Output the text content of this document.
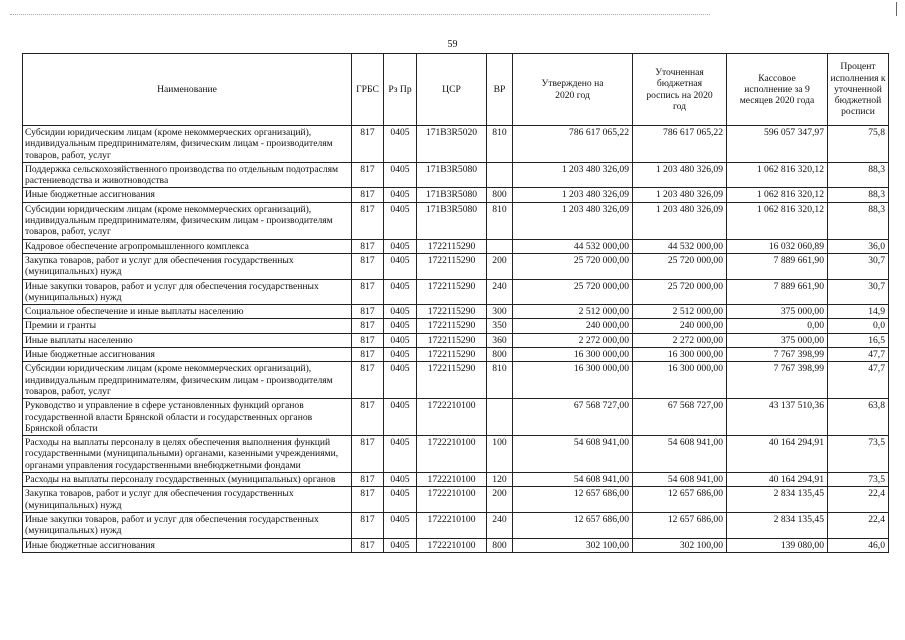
59
Наименование	ГРБС	Рз Пр	ЦСР	ВР	Утверждено на 2020 год	Уточненная бюджетная роспись на 2020 год	Кассовое исполнение за 9 месяцев 2020 года	Процент исполнения к уточненной бюджетной росписи
Субсидии юридическим лицам (кроме некоммерческих организаций), индивидуальным предпринимателям, физическим лицам - производителям товаров, работ, услуг	817	0405	171В3R5020	810	786 617 065,22	786 617 065,22	596 057 347,97	75,8
Поддержка сельскохозяйственного производства по отдельным подотраслям растениеводства и животноводства	817	0405	171В3R5080		1 203 480 326,09	1 203 480 326,09	1 062 816 320,12	88,3
Иные бюджетные ассигнования	817	0405	171В3R5080	800	1 203 480 326,09	1 203 480 326,09	1 062 816 320,12	88,3
Субсидии юридическим лицам (кроме некоммерческих организаций), индивидуальным предпринимателям, физическим лицам - производителям товаров, работ, услуг	817	0405	171В3R5080	810	1 203 480 326,09	1 203 480 326,09	1 062 816 320,12	88,3
Кадровое обеспечение агропромышленного комплекса	817	0405	1722115290		44 532 000,00	44 532 000,00	16 032 060,89	36,0
Закупка товаров, работ и услуг для обеспечения государственных (муниципальных) нужд	817	0405	1722115290	200	25 720 000,00	25 720 000,00	7 889 661,90	30,7
Иные закупки товаров, работ и услуг для обеспечения государственных (муниципальных) нужд	817	0405	1722115290	240	25 720 000,00	25 720 000,00	7 889 661,90	30,7
Социальное обеспечение и иные выплаты населению	817	0405	1722115290	300	2 512 000,00	2 512 000,00	375 000,00	14,9
Премии и гранты	817	0405	1722115290	350	240 000,00	240 000,00	0,00	0,0
Иные выплаты населению	817	0405	1722115290	360	2 272 000,00	2 272 000,00	375 000,00	16,5
Иные бюджетные ассигнования	817	0405	1722115290	800	16 300 000,00	16 300 000,00	7 767 398,99	47,7
Субсидии юридическим лицам (кроме некоммерческих организаций), индивидуальным предпринимателям, физическим лицам - производителям товаров, работ, услуг	817	0405	1722115290	810	16 300 000,00	16 300 000,00	7 767 398,99	47,7
Руководство и управление в сфере установленных функций органов государственной власти Брянской области и государственных органов Брянской области	817	0405	1722210100		67 568 727,00	67 568 727,00	43 137 510,36	63,8
Расходы на выплаты персоналу в целях обеспечения выполнения функций государственными (муниципальными) органами, казенными учреждениями, органами управления государственными внебюджетными фондами	817	0405	1722210100	100	54 608 941,00	54 608 941,00	40 164 294,91	73,5
Расходы на выплаты персоналу государственных (муниципальных) органов	817	0405	1722210100	120	54 608 941,00	54 608 941,00	40 164 294,91	73,5
Закупка товаров, работ и услуг для обеспечения государственных (муниципальных) нужд	817	0405	1722210100	200	12 657 686,00	12 657 686,00	2 834 135,45	22,4
Иные закупки товаров, работ и услуг для обеспечения государственных (муниципальных) нужд	817	0405	1722210100	240	12 657 686,00	12 657 686,00	2 834 135,45	22,4
Иные бюджетные ассигнования	817	0405	1722210100	800	302 100,00	302 100,00	139 080,00	46,0
